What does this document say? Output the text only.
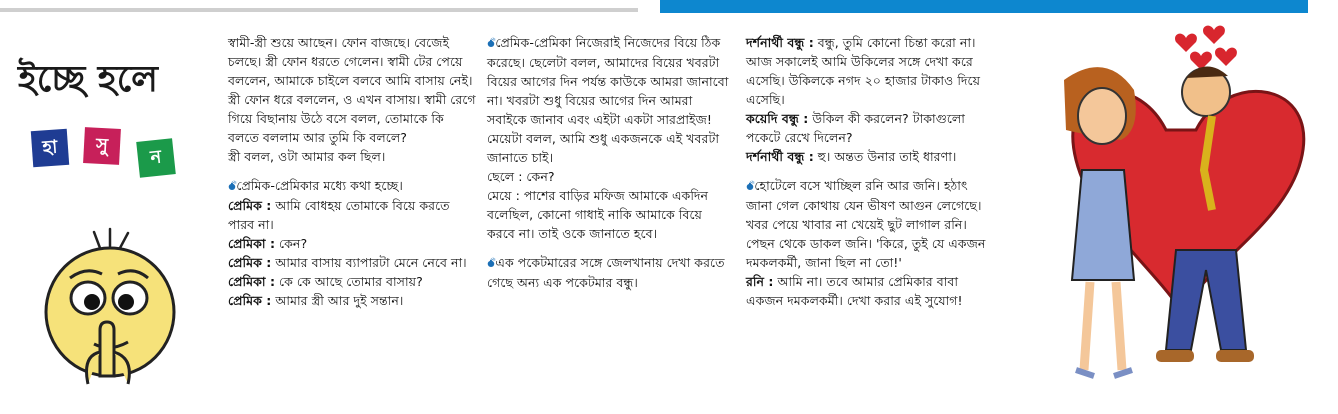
ইচ্ছে হলে
হা	সু
ন

স্বামী-স্ত্রী শুয়ে আছেন। ফোন বাজছে। বেজেই চলছে। স্ত্রী ফোন ধরতে গেলেন। স্বামী টের পেয়ে বললেন, আমাকে চাইলে বলবে আমি বাসায় নেই। স্ত্রী ফোন ধরে বললেন, ও এখন বাসায়। স্বামী রেগে গিয়ে বিছানায় উঠে বসে বলল, তোমাকে কি বলতে বললাম আর তুমি কি বললে?
স্ত্রী বলল, ওটা আমার কল ছিল।

💣︎প্রেমিক-প্রেমিকার মধ্যে কথা হচ্ছে।
প্রেমিক : আমি বোধহয় তোমাকে বিয়ে করতে পারব না।
প্রেমিকা : কেন?
প্রেমিক : আমার বাসায় ব্যাপারটা মেনে নেবে না।
প্রেমিকা : কে কে আছে তোমার বাসায়?
প্রেমিক : আমার স্ত্রী আর দুই সন্তান।

💣︎প্রেমিক-প্রেমিকা নিজেরাই নিজেদের বিয়ে ঠিক করেছে। ছেলেটা বলল, আমাদের বিয়ের খবরটা বিয়ের আগের দিন পর্যন্ত কাউকে আমরা জানাবো না। খবরটা শুধু বিয়ের আগের দিন আমরা সবাইকে জানাব এবং এইটা একটা সারপ্রাইজ!
মেয়েটা বলল, আমি শুধু একজনকে এই খবরটা জানাতে চাই।
ছেলে : কেন?
মেয়ে : পাশের বাড়ির মফিজ আমাকে একদিন বলেছিল, কোনো গাধাই নাকি আমাকে বিয়ে করবে না। তাই ওকে জানাতে হবে।

💣︎এক পকেটমারের সঙ্গে জেলখানায় দেখা করতে গেছে অন্য এক পকেটমার বন্ধু।

দর্শনার্থী বন্ধু : বন্ধু, তুমি কোনো চিন্তা করো না। আজ সকালেই আমি উকিলের সঙ্গে দেখা করে এসেছি। উকিলকে নগদ ২০ হাজার টাকাও দিয়ে এসেছি।
কয়েদি বন্ধু : উকিল কী করলেন? টাকাগুলো পকেটে রেখে দিলেন?
দর্শনার্থী বন্ধু : হু। অন্তত উনার তাই ধারণা।

💣︎হোটেলে বসে খাচ্ছিল রনি আর জনি। হঠাৎ জানা গেল কোথায় যেন ভীষণ আগুন লেগেছে। খবর পেয়ে খাবার না খেয়েই ছুট লাগাল রনি। পেছন থেকে ডাকল জনি। 'কিরে, তুই যে একজন দমকলকর্মী, জানা ছিল না তো!'
রনি : আমি না। তবে আমার প্রেমিকার বাবা একজন দমকলকর্মী। দেখা করার এই সুযোগ!
